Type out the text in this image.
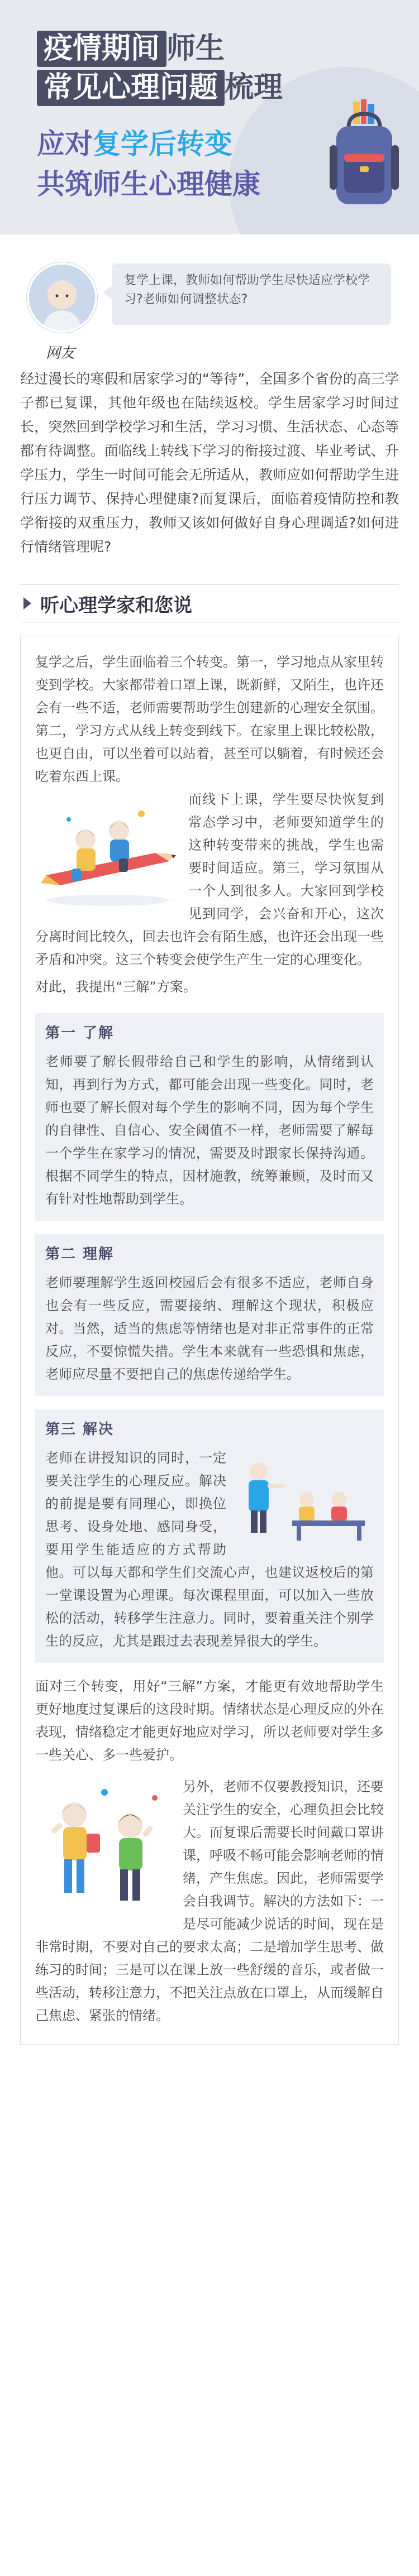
疫情期间 师生
常见心理问题 梳理
应对复学后转变
共筑师生心理健康
网友
复学上课，教师如何帮助学生尽快适应学校学习?老师如何调整状态?
经过漫长的寒假和居家学习的“等待”，全国多个省份的高三学子都已复课，其他年级也在陆续返校。学生居家学习时间过长，突然回到学校学习和生活，学习习惯、生活状态、心态等都有待调整。面临线上转线下学习的衔接过渡、毕业考试、升学压力，学生一时间可能会无所适从，教师应如何帮助学生进行压力调节、保持心理健康?而复课后，面临着疫情防控和教学衔接的双重压力，教师又该如何做好自身心理调适?如何进行情绪管理呢?
听心理学家和您说

复学之后，学生面临着三个转变。第一，学习地点从家里转变到学校。大家都带着口罩上课，既新鲜，又陌生，也许还会有一些不适，老师需要帮助学生创建新的心理安全氛围。第二，学习方式从线上转变到线下。在家里上课比较松散，也更自由，可以坐着可以站着，甚至可以躺着，有时候还会吃着东西上课。

而线下上课，学生要尽快恢复到常态学习中，老师要知道学生的这种转变带来的挑战，学生也需要时间适应。第三，学习氛围从一个人到很多人。大家回到学校见到同学，会兴奋和开心，这次分离时间比较久，回去也许会有陌生感，也许还会出现一些矛盾和冲突。这三个转变会使学生产生一定的心理变化。

对此，我提出“三解”方案。

第一 了解
老师要了解长假带给自己和学生的影响，从情绪到认知，再到行为方式，都可能会出现一些变化。同时，老师也要了解长假对每个学生的影响不同，因为每个学生的自律性、自信心、安全阈值不一样，老师需要了解每一个学生在家学习的情况，需要及时跟家长保持沟通。根据不同学生的特点，因材施教，统筹兼顾，及时而又有针对性地帮助到学生。
第二 理解
老师要理解学生返回校园后会有很多不适应，老师自身也会有一些反应，需要接纳、理解这个现状，积极应对。当然，适当的焦虑等情绪也是对非正常事件的正常反应，不要惊慌失措。学生本来就有一些恐惧和焦虑，老师应尽量不要把自己的焦虑传递给学生。
第三 解决
老师在讲授知识的同时，一定要关注学生的心理反应。解决的前提是要有同理心，即换位思考、设身处地、感同身受，要用学生能适应的方式帮助他。可以每天都和学生们交流心声，也建议返校后的第一堂课设置为心理课。每次课程里面，可以加入一些放松的活动，转移学生注意力。同时，要着重关注个别学生的反应，尤其是跟过去表现差异很大的学生。

面对三个转变，用好“三解”方案，才能更有效地帮助学生更好地度过复课后的这段时期。情绪状态是心理反应的外在表现，情绪稳定才能更好地应对学习，所以老师要对学生多一些关心、多一些爱护。

另外，老师不仅要教授知识，还要关注学生的安全，心理负担会比较大。而复课后需要长时间戴口罩讲课，呼吸不畅可能会影响老师的情绪，产生焦虑。因此，老师需要学会自我调节。解决的方法如下：一是尽可能减少说话的时间，现在是非常时期，不要对自己的要求太高；二是增加学生思考、做练习的时间；三是可以在课上放一些舒缓的音乐，或者做一些活动，转移注意力，不把关注点放在口罩上，从而缓解自己焦虑、紧张的情绪。
